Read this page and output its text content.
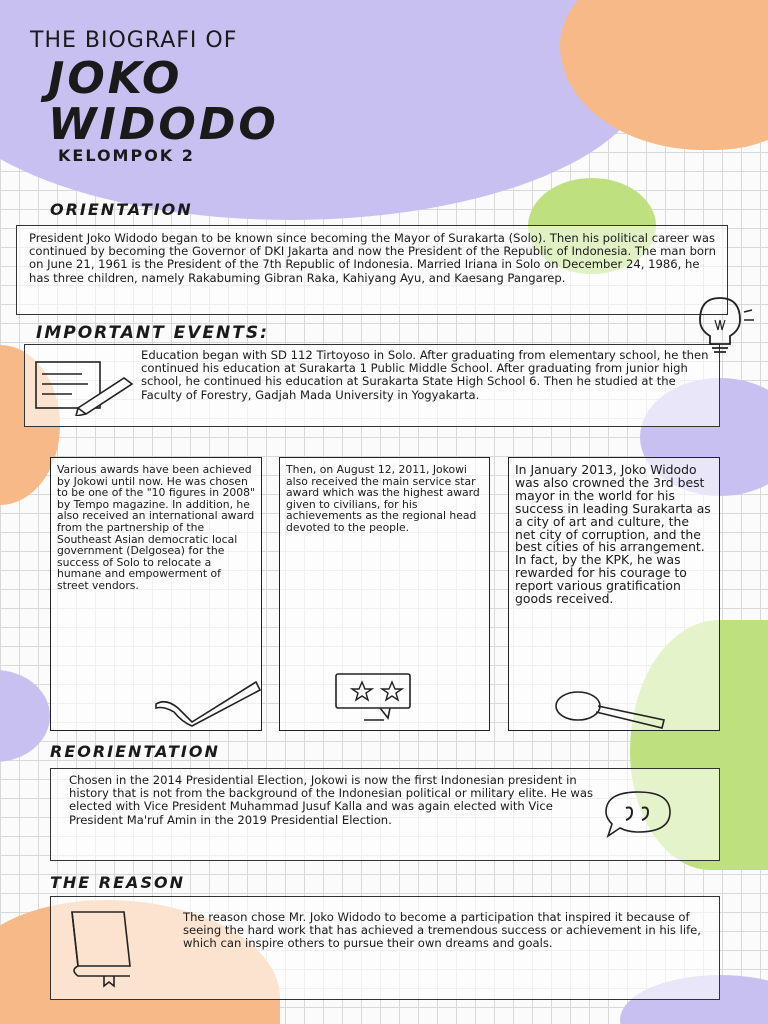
THE BIOGRAFI OF
JOKO
WIDODO
KELOMPOK 2
ORIENTATION

President Joko Widodo began to be known since becoming the Mayor of Surakarta (Solo). Then his political career was continued by becoming the Governor of DKI Jakarta and now the President of the Republic of Indonesia. The man born on June 21, 1961 is the President of the 7th Republic of Indonesia. Married Iriana in Solo on December 24, 1986, he has three children, namely Rakabuming Gibran Raka, Kahiyang Ayu, and Kaesang Pangarep.

IMPORTANT EVENTS:

Education began with SD 112 Tirtoyoso in Solo. After graduating from elementary school, he then continued his education at Surakarta 1 Public Middle School. After graduating from junior high school, he continued his education at Surakarta State High School 6. Then he studied at the Faculty of Forestry, Gadjah Mada University in Yogyakarta.

Various awards have been achieved by Jokowi until now. He was chosen to be one of the "10 figures in 2008" by Tempo magazine. In addition, he also received an international award from the partnership of the Southeast Asian democratic local government (Delgosea) for the success of Solo to relocate a humane and empowerment of street vendors.

Then, on August 12, 2011, Jokowi also received the main service star award which was the highest award given to civilians, for his achievements as the regional head devoted to the people.

In January 2013, Joko Widodo was also crowned the 3rd best mayor in the world for his success in leading Surakarta as a city of art and culture, the net city of corruption, and the best cities of his arrangement. In fact, by the KPK, he was rewarded for his courage to report various gratification goods received.

REORIENTATION

Chosen in the 2014 Presidential Election, Jokowi is now the first Indonesian president in history that is not from the background of the Indonesian political or military elite. He was elected with Vice President Muhammad Jusuf Kalla and was again elected with Vice President Ma'ruf Amin in the 2019 Presidential Election.

THE REASON

The reason chose Mr. Joko Widodo to become a participation that inspired it because of seeing the hard work that has achieved a tremendous success or achievement in his life, which can inspire others to pursue their own dreams and goals.
